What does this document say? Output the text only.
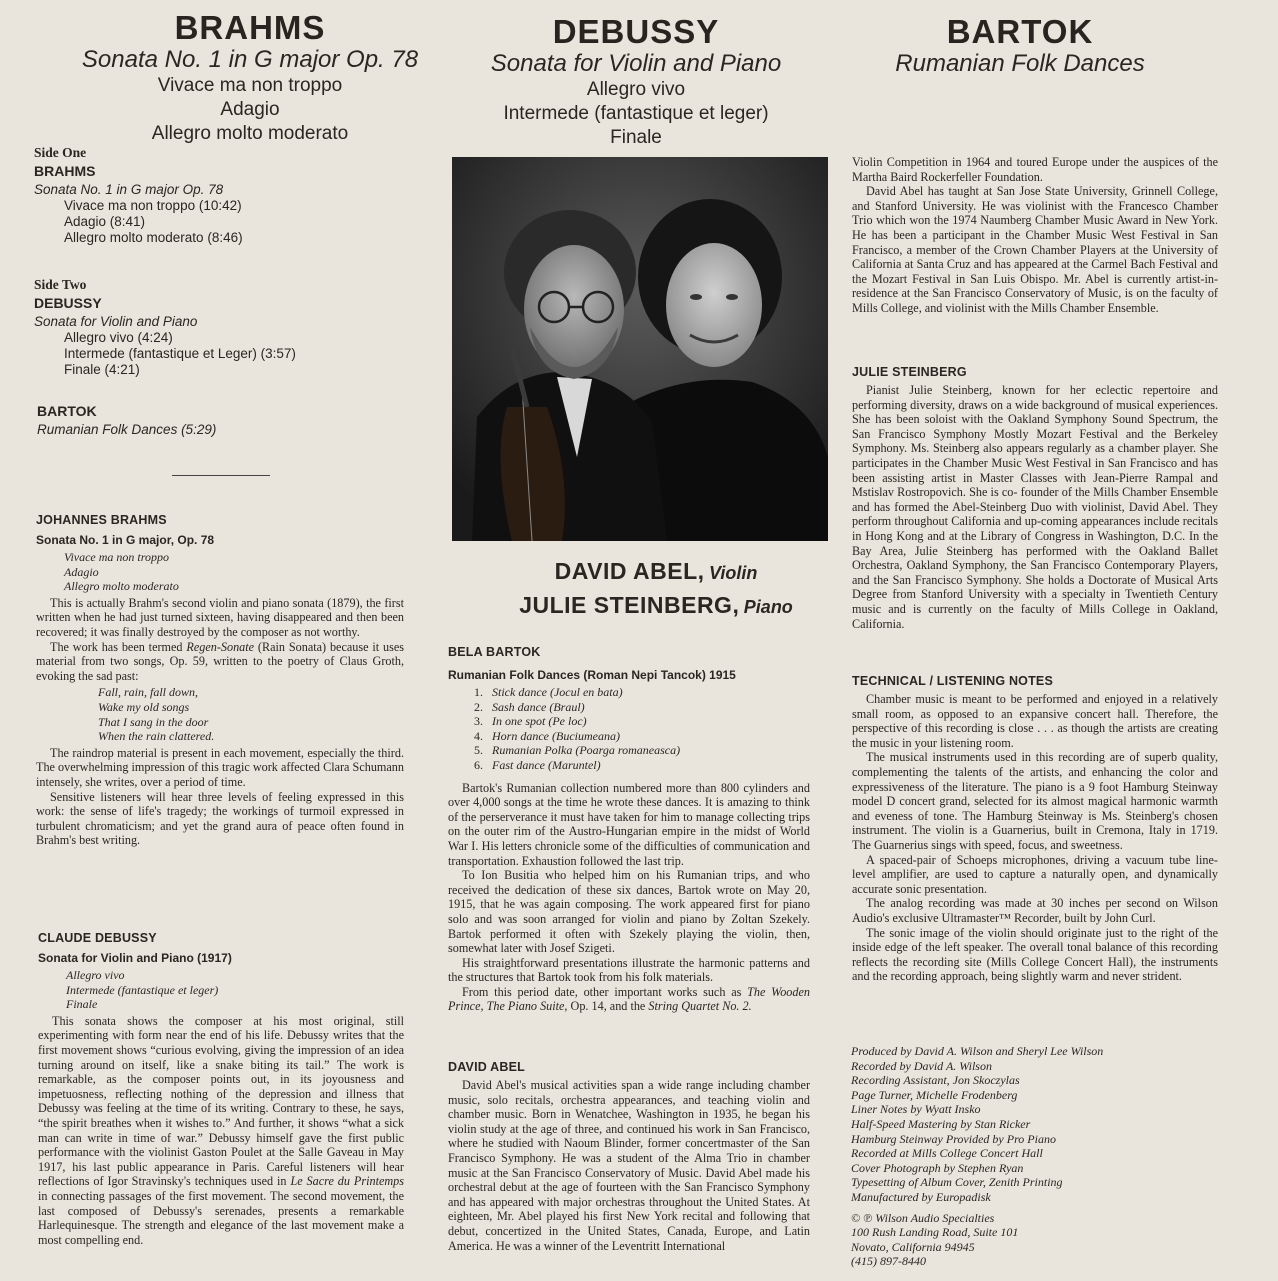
BRAHMS
Sonata No. 1 in G major Op. 78
Vivace ma non troppo
Adagio
Allegro molto moderato
DEBUSSY
Sonata for Violin and Piano
Allegro vivo
Intermede (fantastique et leger)
Finale
BARTOK
Rumanian Folk Dances
Side One
BRAHMS
Sonata No. 1 in G major Op. 78
Vivace ma non troppo (10:42)
Adagio (8:41)
Allegro molto moderato (8:46)
Side Two
DEBUSSY
Sonata for Violin and Piano
Allegro vivo (4:24)
Intermede (fantastique et Leger) (3:57)
Finale (4:21)
BARTOK
Rumanian Folk Dances (5:29)
JOHANNES BRAHMS
Sonata No. 1 in G major, Op. 78
Vivace ma non troppo
Adagio
Allegro molto moderato

This is actually Brahm's second violin and piano sonata (1879), the first written when he had just turned sixteen, having disappeared and then been recovered; it was finally destroyed by the composer as not worthy.

The work has been termed Regen-Sonate (Rain Sonata) because it uses material from two songs, Op. 59, written to the poetry of Claus Groth, evoking the sad past:

Fall, rain, fall down,
Wake my old songs
That I sang in the door
When the rain clattered.

The raindrop material is present in each movement, especially the third. The overwhelming impression of this tragic work affected Clara Schumann intensely, she writes, over a period of time.

Sensitive listeners will hear three levels of feeling expressed in this work: the sense of life's tragedy; the workings of turmoil expressed in turbulent chromaticism; and yet the grand aura of peace often found in Brahm's best writing.

CLAUDE DEBUSSY
Sonata for Violin and Piano (1917)
Allegro vivo
Intermede (fantastique et leger)
Finale

This sonata shows the composer at his most original, still experimenting with form near the end of his life. Debussy writes that the first movement shows “curious evolving, giving the impression of an idea turning around on itself, like a snake biting its tail.” The work is remarkable, as the composer points out, in its joyousness and impetuosness, reflecting nothing of the depression and illness that Debussy was feeling at the time of its writing. Contrary to these, he says, “the spirit breathes when it wishes to.” And further, it shows “what a sick man can write in time of war.” Debussy himself gave the first public performance with the violinist Gaston Poulet at the Salle Gaveau in May 1917, his last public appearance in Paris. Careful listeners will hear reflections of Igor Stravinsky's techniques used in Le Sacre du Printemps in connecting passages of the first movement. The second movement, the last composed of Debussy's serenades, presents a remarkable Harlequinesque. The strength and elegance of the last movement make a most compelling end.

DAVID ABEL, Violin
JULIE STEINBERG, Piano
BELA BARTOK
Rumanian Folk Dances (Roman Nepi Tancok) 1915
1. Stick dance (Jocul en bata)
2. Sash dance (Braul)
3. In one spot (Pe loc)
4. Horn dance (Buciumeana)
5. Rumanian Polka (Poarga romaneasca)
6. Fast dance (Maruntel)

Bartok's Rumanian collection numbered more than 800 cylinders and over 4,000 songs at the time he wrote these dances. It is amazing to think of the perserverance it must have taken for him to manage collecting trips on the outer rim of the Austro-Hungarian empire in the midst of World War I. His letters chronicle some of the difficulties of communication and transportation. Exhaustion followed the last trip.

To Ion Busitia who helped him on his Rumanian trips, and who received the dedication of these six dances, Bartok wrote on May 20, 1915, that he was again composing. The work appeared first for piano solo and was soon arranged for violin and piano by Zoltan Szekely. Bartok performed it often with Szekely playing the violin, then, somewhat later with Josef Szigeti.

His straightforward presentations illustrate the harmonic patterns and the structures that Bartok took from his folk materials.

From this period date, other important works such as The Wooden Prince, The Piano Suite, Op. 14, and the String Quartet No. 2.

DAVID ABEL

David Abel's musical activities span a wide range including chamber music, solo recitals, orchestra appearances, and teaching violin and chamber music. Born in Wenatchee, Washington in 1935, he began his violin study at the age of three, and continued his work in San Francisco, where he studied with Naoum Blinder, former concertmaster of the San Francisco Symphony. He was a student of the Alma Trio in chamber music at the San Francisco Conservatory of Music. David Abel made his orchestral debut at the age of fourteen with the San Francisco Symphony and has appeared with major orchestras throughout the United States. At eighteen, Mr. Abel played his first New York recital and following that debut, concertized in the United States, Canada, Europe, and Latin America. He was a winner of the Leventritt International

Violin Competition in 1964 and toured Europe under the auspices of the Martha Baird Rockerfeller Foundation.

David Abel has taught at San Jose State University, Grinnell College, and Stanford University. He was violinist with the Francesco Chamber Trio which won the 1974 Naumberg Chamber Music Award in New York. He has been a participant in the Chamber Music West Festival in San Francisco, a member of the Crown Chamber Players at the University of California at Santa Cruz and has appeared at the Carmel Bach Festival and the Mozart Festival in San Luis Obispo. Mr. Abel is currently artist-in-residence at the San Francisco Conservatory of Music, is on the faculty of Mills College, and violinist with the Mills Chamber Ensemble.

JULIE STEINBERG

Pianist Julie Steinberg, known for her eclectic repertoire and performing diversity, draws on a wide background of musical experiences. She has been soloist with the Oakland Symphony Sound Spectrum, the San Francisco Symphony Mostly Mozart Festival and the Berkeley Symphony. Ms. Steinberg also appears regularly as a chamber player. She participates in the Chamber Music West Festival in San Francisco and has been assisting artist in Master Classes with Jean-Pierre Rampal and Mstislav Rostropovich. She is co- founder of the Mills Chamber Ensemble and has formed the Abel-Steinberg Duo with violinist, David Abel. They perform throughout California and up-coming appearances include recitals in Hong Kong and at the Library of Congress in Washington, D.C. In the Bay Area, Julie Steinberg has performed with the Oakland Ballet Orchestra, Oakland Symphony, the San Francisco Contemporary Players, and the San Francisco Symphony. She holds a Doctorate of Musical Arts Degree from Stanford University with a specialty in Twentieth Century music and is currently on the faculty of Mills College in Oakland, California.

TECHNICAL / LISTENING NOTES

Chamber music is meant to be performed and enjoyed in a relatively small room, as opposed to an expansive concert hall. Therefore, the perspective of this recording is close . . . as though the artists are creating the music in your listening room.

The musical instruments used in this recording are of superb quality, complementing the talents of the artists, and enhancing the color and expressiveness of the literature. The piano is a 9 foot Hamburg Steinway model D concert grand, selected for its almost magical harmonic warmth and eveness of tone. The Hamburg Steinway is Ms. Steinberg's chosen instrument. The violin is a Guarnerius, built in Cremona, Italy in 1719. The Guarnerius sings with speed, focus, and sweetness.

A spaced-pair of Schoeps microphones, driving a vacuum tube line-level amplifier, are used to capture a naturally open, and dynamically accurate sonic presentation.

The analog recording was made at 30 inches per second on Wilson Audio's exclusive Ultramaster™ Recorder, built by John Curl.

The sonic image of the violin should originate just to the right of the inside edge of the left speaker. The overall tonal balance of this recording reflects the recording site (Mills College Concert Hall), the instruments and the recording approach, being slightly warm and never strident.

Produced by David A. Wilson and Sheryl Lee Wilson
Recorded by David A. Wilson
Recording Assistant, Jon Skoczylas
Page Turner, Michelle Frodenberg
Liner Notes by Wyatt Insko
Half-Speed Mastering by Stan Ricker
Hamburg Steinway Provided by Pro Piano
Recorded at Mills College Concert Hall
Cover Photograph by Stephen Ryan
Typesetting of Album Cover, Zenith Printing
Manufactured by Europadisk
© ℗ Wilson Audio Specialties
100 Rush Landing Road, Suite 101
Novato, California 94945
(415) 897-8440
